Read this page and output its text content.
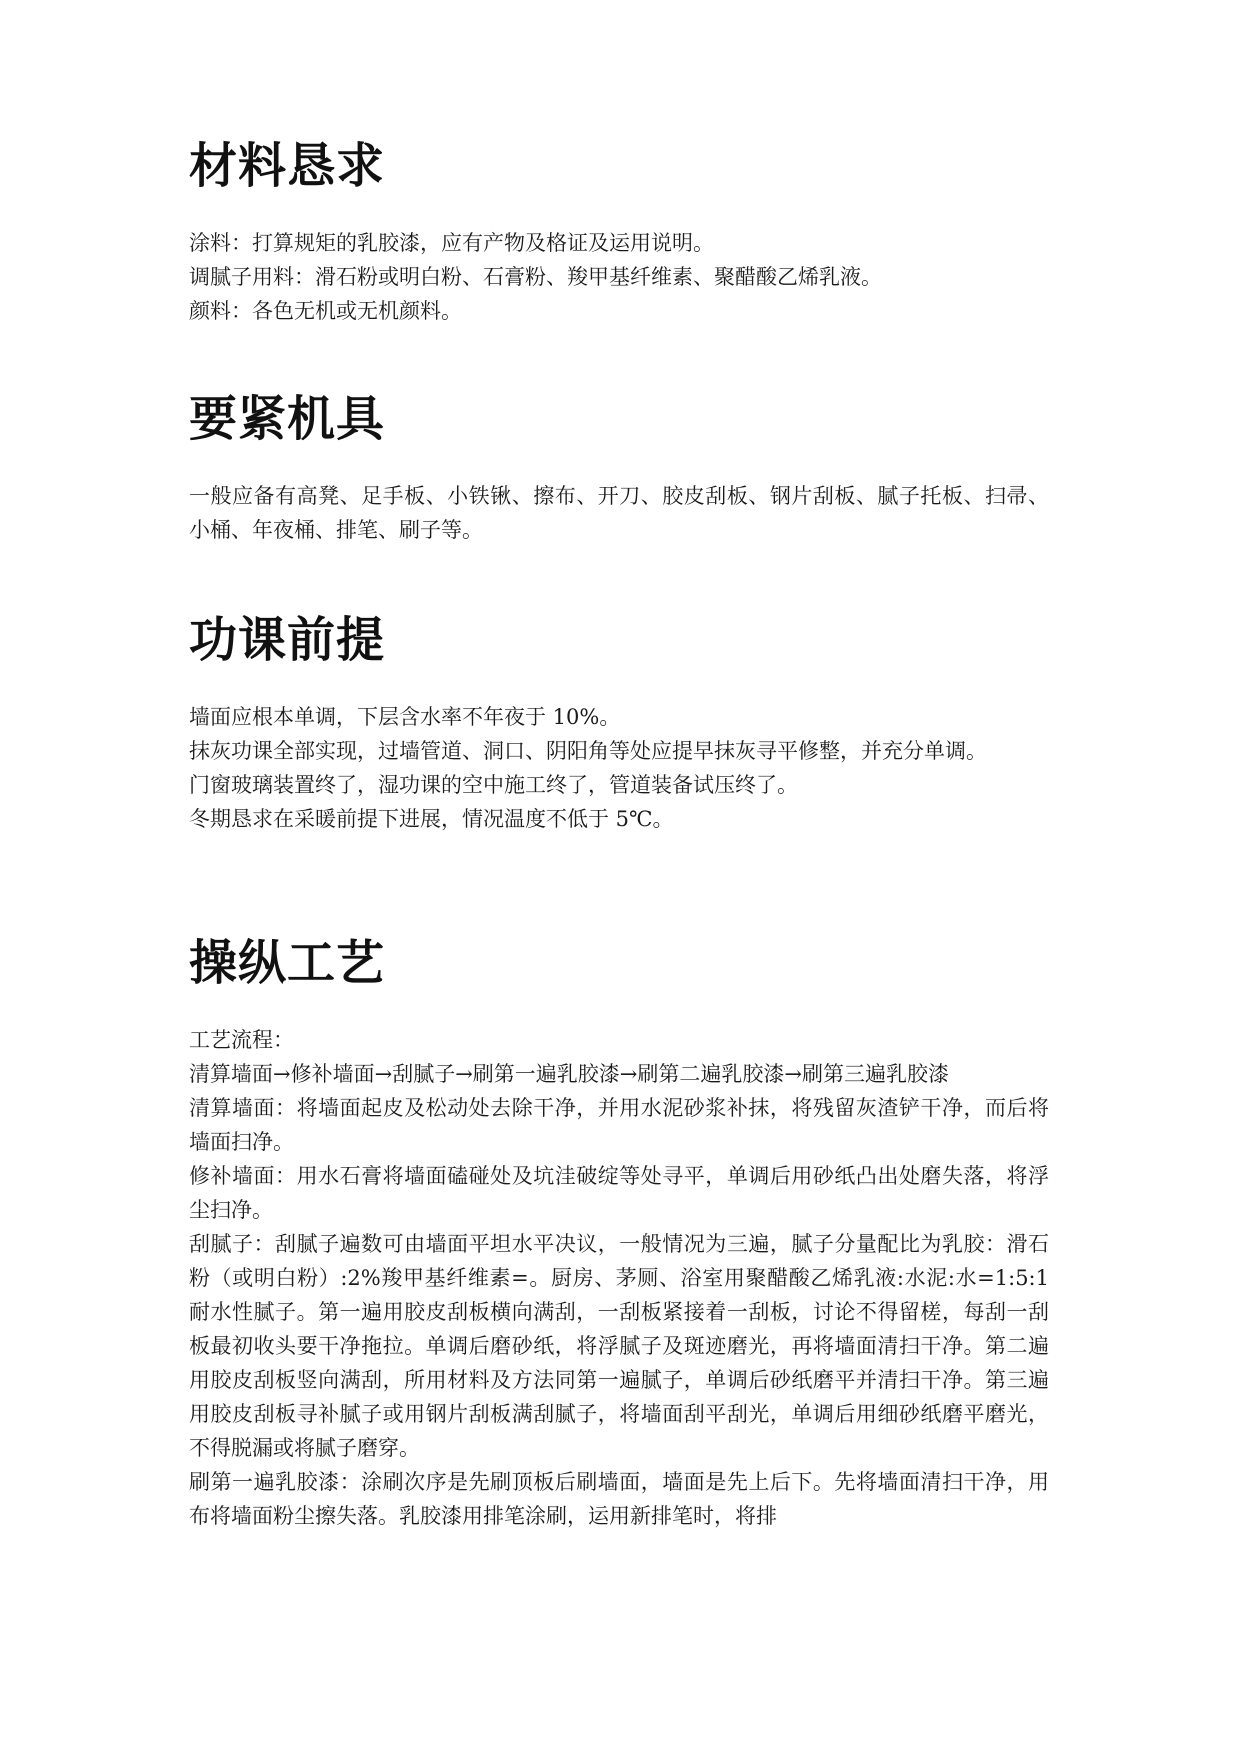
材料恳求

涂料：打算规矩的乳胶漆，应有产物及格证及运用说明。

调腻子用料：滑石粉或明白粉、石膏粉、羧甲基纤维素、聚醋酸乙烯乳液。

颜料：各色无机或无机颜料。

要紧机具

一般应备有高凳、足手板、小铁锹、擦布、开刀、胶皮刮板、钢片刮板、腻子托板、扫帚、小桶、年夜桶、排笔、刷子等。

功课前提

墙面应根本单调，下层含水率不年夜于 10%。

抹灰功课全部实现，过墙管道、洞口、阴阳角等处应提早抹灰寻平修整，并充分单调。

门窗玻璃装置终了，湿功课的空中施工终了，管道装备试压终了。

冬期恳求在采暖前提下进展，情况温度不低于 5℃。

操纵工艺

工艺流程：

清算墙面→修补墙面→刮腻子→刷第一遍乳胶漆→刷第二遍乳胶漆→刷第三遍乳胶漆

清算墙面：将墙面起皮及松动处去除干净，并用水泥砂浆补抹，将残留灰渣铲干净，而后将墙面扫净。

修补墙面：用水石膏将墙面磕碰处及坑洼破绽等处寻平，单调后用砂纸凸出处磨失落，将浮尘扫净。

刮腻子：刮腻子遍数可由墙面平坦水平决议，一般情况为三遍，腻子分量配比为乳胶：滑石粉（或明白粉）:2%羧甲基纤维素=。厨房、茅厕、浴室用聚醋酸乙烯乳液:水泥:水=1:5:1 耐水性腻子。第一遍用胶皮刮板横向满刮，一刮板紧接着一刮板，讨论不得留槎，每刮一刮板最初收头要干净拖拉。单调后磨砂纸，将浮腻子及斑迹磨光，再将墙面清扫干净。第二遍用胶皮刮板竖向满刮，所用材料及方法同第一遍腻子，单调后砂纸磨平并清扫干净。第三遍用胶皮刮板寻补腻子或用钢片刮板满刮腻子，将墙面刮平刮光，单调后用细砂纸磨平磨光，不得脱漏或将腻子磨穿。

刷第一遍乳胶漆：涂刷次序是先刷顶板后刷墙面，墙面是先上后下。先将墙面清扫干净，用布将墙面粉尘擦失落。乳胶漆用排笔涂刷，运用新排笔时，将排
